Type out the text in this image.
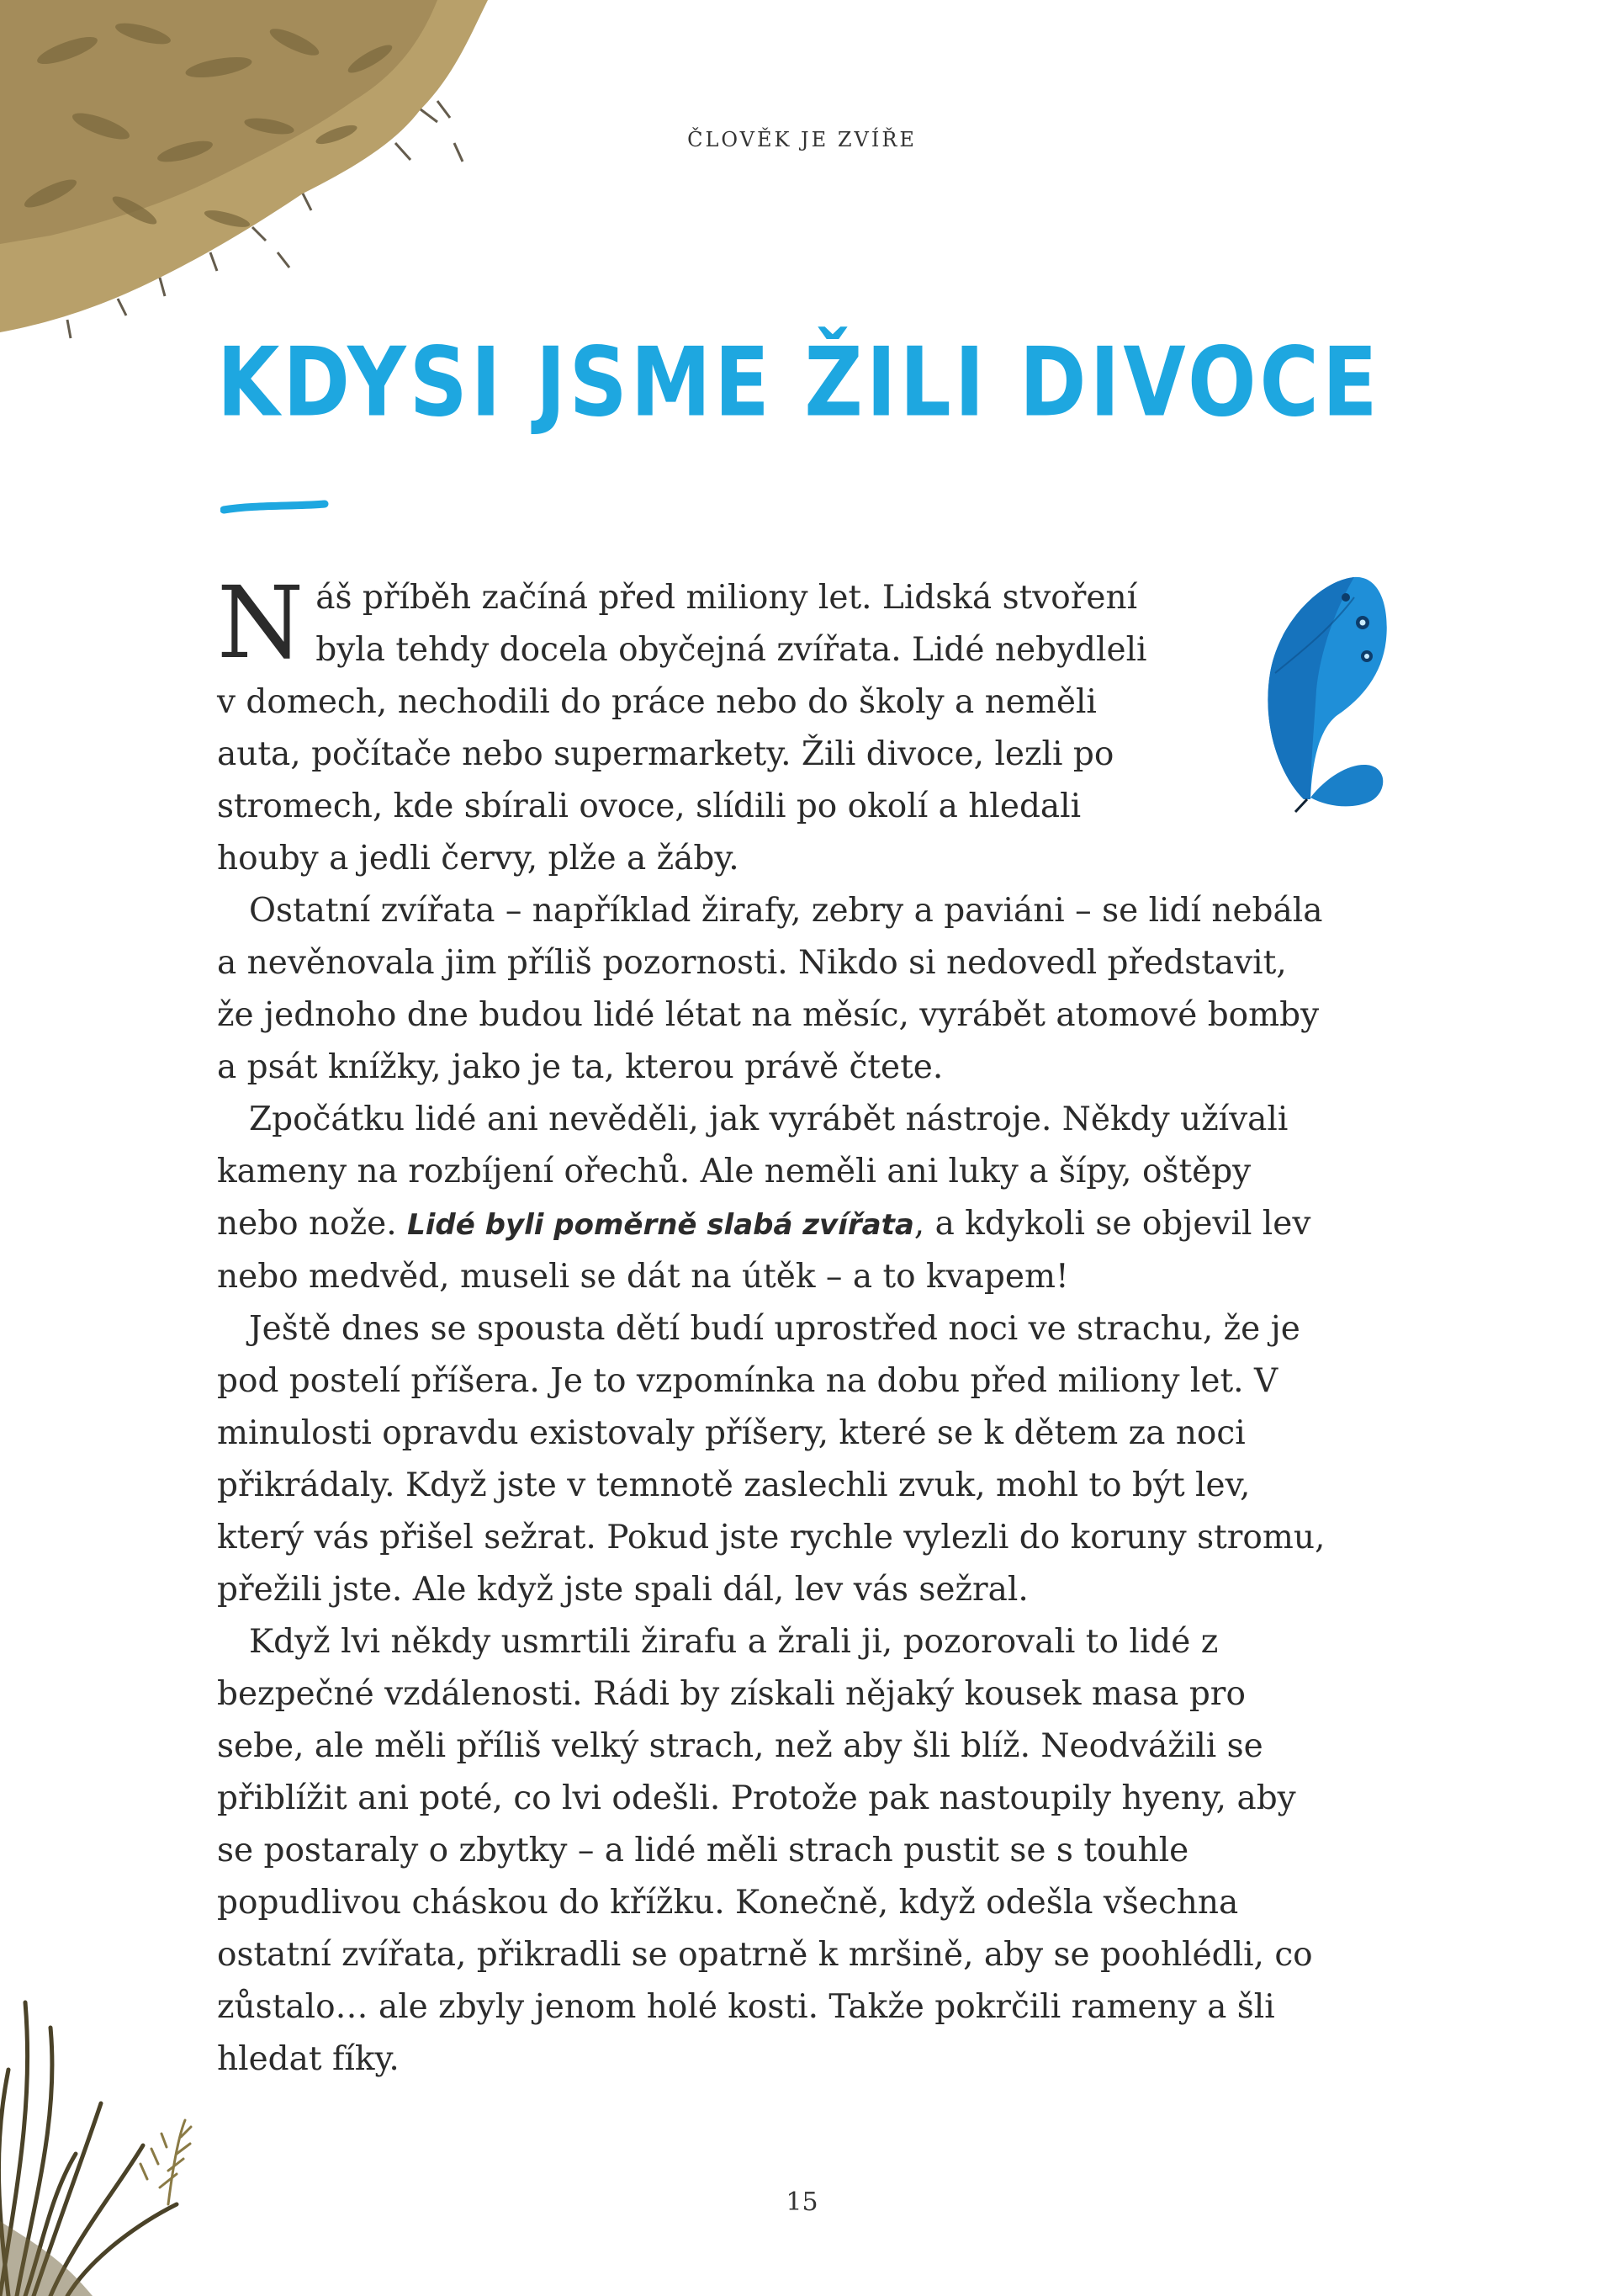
ČLOVĚK JE ZVÍŘE
KDYSI JSME ŽILI DIVOCE

Náš příběh začíná před miliony let. Lidská stvoření byla tehdy docela obyčejná zvířata. Lidé nebydleli v domech, nechodili do práce nebo do školy a neměli auta, počítače nebo supermarkety. Žili divoce, lezli po stromech, kde sbírali ovoce, slídili po okolí a hledali houby a jedli červy, plže a žáby.

Ostatní zvířata – například žirafy, zebry a paviáni – se lidí nebála a nevěnovala jim příliš pozornosti. Nikdo si nedovedl představit, že jednoho dne budou lidé létat na měsíc, vyrábět atomové bomby a psát knížky, jako je ta, kterou právě čtete.

Zpočátku lidé ani nevěděli, jak vyrábět nástroje. Někdy užívali kameny na rozbíjení ořechů. Ale neměli ani luky a šípy, oštěpy nebo nože. Lidé byli poměrně slabá zvířata, a kdykoli se objevil lev nebo medvěd, museli se dát na útěk – a to kvapem!

Ještě dnes se spousta dětí budí uprostřed noci ve strachu, že je pod postelí příšera. Je to vzpomínka na dobu před miliony let. V minulosti opravdu existovaly příšery, které se k dětem za noci přikrádaly. Když jste v temnotě zaslechli zvuk, mohl to být lev, který vás přišel sežrat. Pokud jste rychle vylezli do koruny stromu, přežili jste. Ale když jste spali dál, lev vás sežral.

Když lvi někdy usmrtili žirafu a žrali ji, pozorovali to lidé z bezpečné vzdálenosti. Rádi by získali nějaký kousek masa pro sebe, ale měli příliš velký strach, než aby šli blíž. Neodvážili se přiblížit ani poté, co lvi odešli. Protože pak nastoupily hyeny, aby se postaraly o zbytky – a lidé měli strach pustit se s touhle popudlivou cháskou do křížku. Konečně, když odešla všechna ostatní zvířata, přikradli se opatrně k mršině, aby se poohlédli, co zůstalo… ale zbyly jenom holé kosti. Takže pokrčili rameny a šli hledat fíky.

15
